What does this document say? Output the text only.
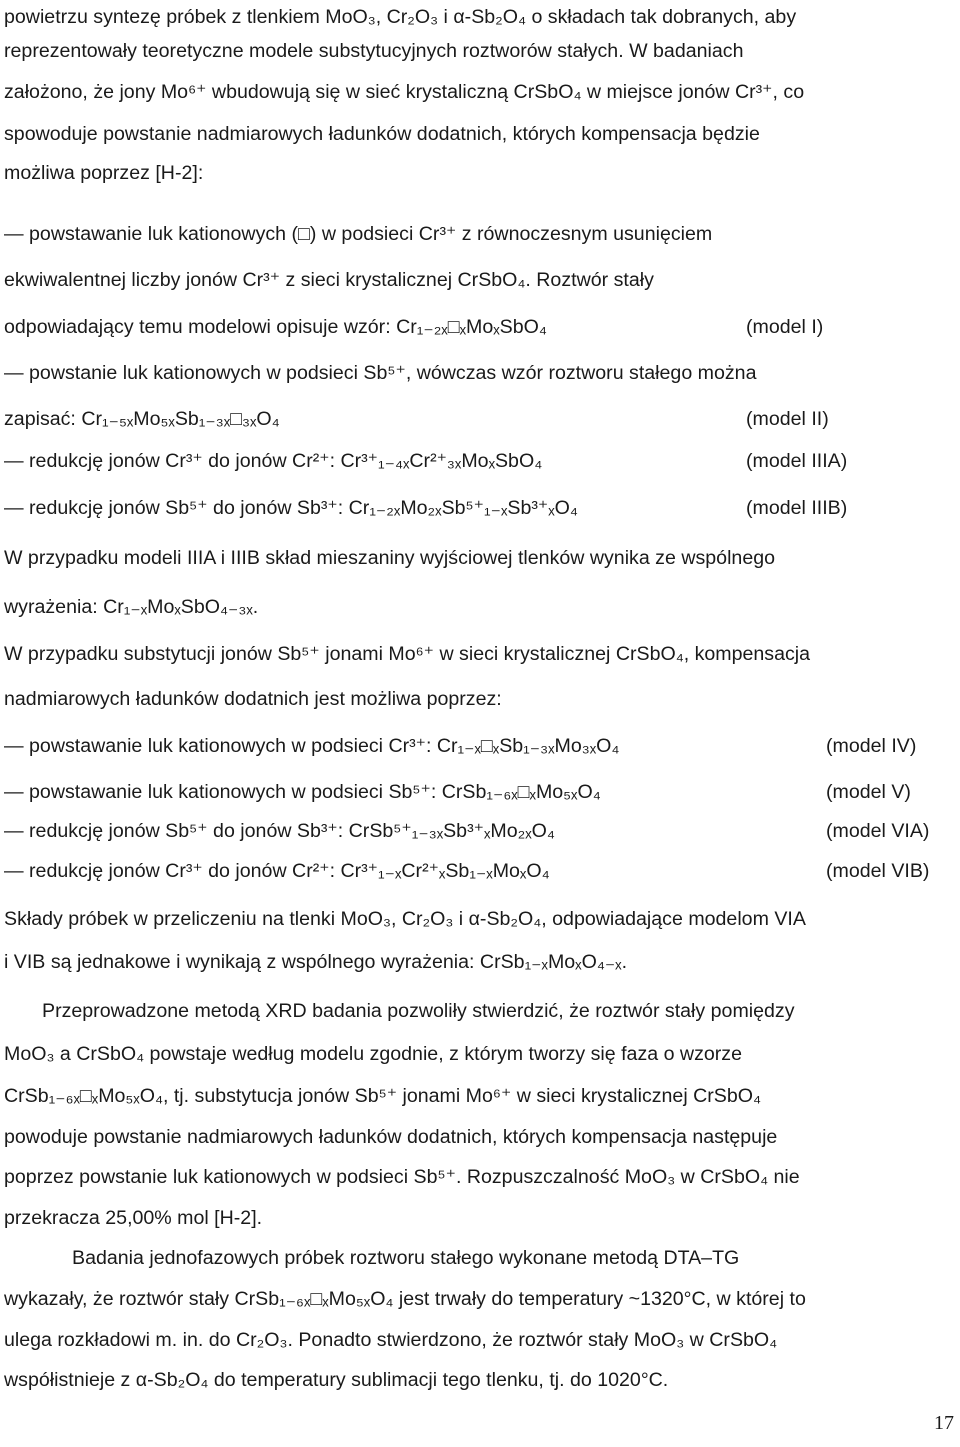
powietrzu syntezę próbek z tlenkiem MoO₃, Cr₂O₃ i α-Sb₂O₄ o składach tak dobranych, aby
reprezentowały teoretyczne modele substytucyjnych roztworów stałych. W badaniach
założono, że jony Mo⁶⁺ wbudowują się w sieć krystaliczną CrSbO₄ w miejsce jonów Cr³⁺, co
spowoduje powstanie nadmiarowych ładunków dodatnich, których kompensacja będzie
możliwa poprzez [H-2]:
— powstawanie luk kationowych (□) w podsieci Cr³⁺ z równoczesnym usunięciem
ekwiwalentnej liczby jonów Cr³⁺ z sieci krystalicznej CrSbO₄. Roztwór stały
odpowiadający temu modelowi opisuje wzór: Cr₁₋₂ₓ□ₓMoₓSbO₄	(model I)
— powstanie luk kationowych w podsieci Sb⁵⁺, wówczas wzór roztworu stałego można
zapisać: Cr₁₋₅ₓMo₅ₓSb₁₋₃ₓ□₃ₓO₄	(model II)
— redukcję jonów Cr³⁺ do jonów Cr²⁺: Cr³⁺₁₋₄ₓCr²⁺₃ₓMoₓSbO₄	(model IIIA)
— redukcję jonów Sb⁵⁺ do jonów Sb³⁺: Cr₁₋₂ₓMo₂ₓSb⁵⁺₁₋ₓSb³⁺ₓO₄	(model IIIB)
W przypadku modeli IIIA i IIIB skład mieszaniny wyjściowej tlenków wynika ze wspólnego
wyrażenia: Cr₁₋ₓMoₓSbO₄₋₃ₓ.
W przypadku substytucji jonów Sb⁵⁺ jonami Mo⁶⁺ w sieci krystalicznej CrSbO₄, kompensacja
nadmiarowych ładunków dodatnich jest możliwa poprzez:
— powstawanie luk kationowych w podsieci Cr³⁺: Cr₁₋ₓ□ₓSb₁₋₃ₓMo₃ₓO₄	(model IV)
— powstawanie luk kationowych w podsieci Sb⁵⁺: CrSb₁₋₆ₓ□ₓMo₅ₓO₄	(model V)
— redukcję jonów Sb⁵⁺ do jonów Sb³⁺: CrSb⁵⁺₁₋₃ₓSb³⁺ₓMo₂ₓO₄	(model VIA)
— redukcję jonów Cr³⁺ do jonów Cr²⁺: Cr³⁺₁₋ₓCr²⁺ₓSb₁₋ₓMoₓO₄	(model VIB)
Składy próbek w przeliczeniu na tlenki MoO₃, Cr₂O₃ i α-Sb₂O₄, odpowiadające modelom VIA
i VIB są jednakowe i wynikają z wspólnego wyrażenia: CrSb₁₋ₓMoₓO₄₋ₓ.
Przeprowadzone metodą XRD badania pozwoliły stwierdzić, że roztwór stały pomiędzy
MoO₃ a CrSbO₄ powstaje według modelu zgodnie, z którym tworzy się faza o wzorze
CrSb₁₋₆ₓ□ₓMo₅ₓO₄, tj. substytucja jonów Sb⁵⁺ jonami Mo⁶⁺ w sieci krystalicznej CrSbO₄
powoduje powstanie nadmiarowych ładunków dodatnich, których kompensacja następuje
poprzez powstanie luk kationowych w podsieci Sb⁵⁺. Rozpuszczalność MoO₃ w CrSbO₄ nie
przekracza 25,00% mol [H-2].
Badania jednofazowych próbek roztworu stałego wykonane metodą DTA–TG
wykazały, że roztwór stały CrSb₁₋₆ₓ□ₓMo₅ₓO₄ jest trwały do temperatury ~1320°C, w której to
ulega rozkładowi m. in. do Cr₂O₃. Ponadto stwierdzono, że roztwór stały MoO₃ w CrSbO₄
współistnieje z α-Sb₂O₄ do temperatury sublimacji tego tlenku, tj. do 1020°C.
17
